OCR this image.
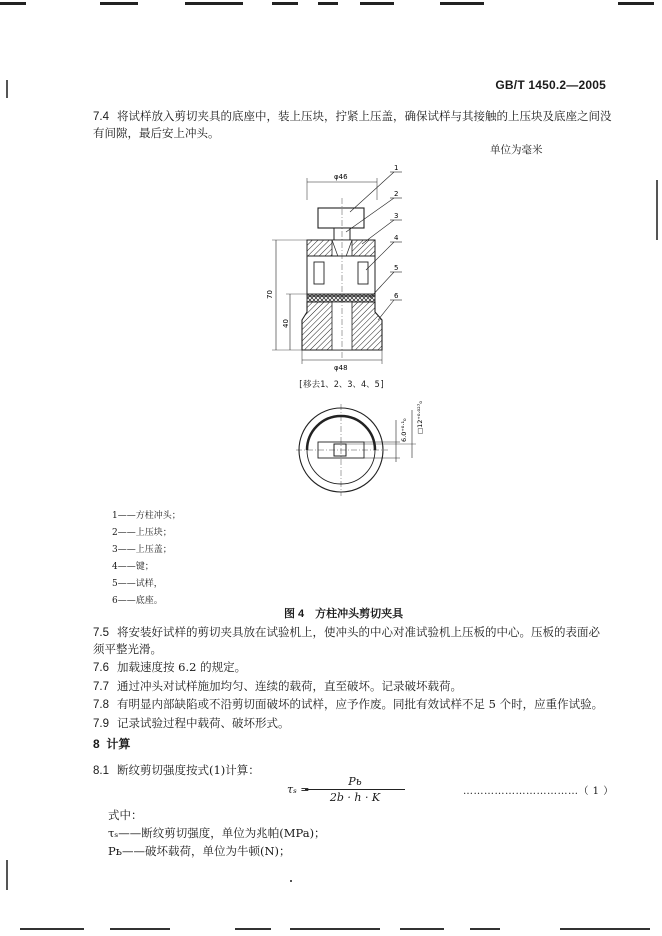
GB/T 1450.2—2005
7.4 将试样放入剪切夹具的底座中，装上压块，拧紧上压盖，确保试样与其接触的上压块及底座之间没
有间隙，最后安上冲头。
单位为毫米
φ46
φ48
70
40
1
2
3
4
5
6
[移去1、2、3、4、5]
6.0⁺⁰·¹₀ □12⁺⁰·⁰²⁷₀
1——方柱冲头；
2——上压块；
3——上压盖；
4——键；
5——试样，
6——底座。
图 4　方柱冲头剪切夹具
7.5 将安装好试样的剪切夹具放在试验机上，使冲头的中心对准试验机上压板的中心。压板的表面必
须平整光滑。
7.6 加载速度按 6.2 的规定。
7.7 通过冲头对试样施加均匀、连续的载荷，直至破坏。记录破坏载荷。
7.8 有明显内部缺陷或不沿剪切面破坏的试样，应予作废。同批有效试样不足 5 个时，应重作试验。
7.9 记录试验过程中载荷、破坏形式。
8 计算
8.1 断纹剪切强度按式(1)计算：
τₛ =
Pь
2b · h · K	……………………………（ 1 ）
式中：
τₛ——断纹剪切强度，单位为兆帕(MPa)；
Pь——破坏载荷，单位为牛顿(N)；
